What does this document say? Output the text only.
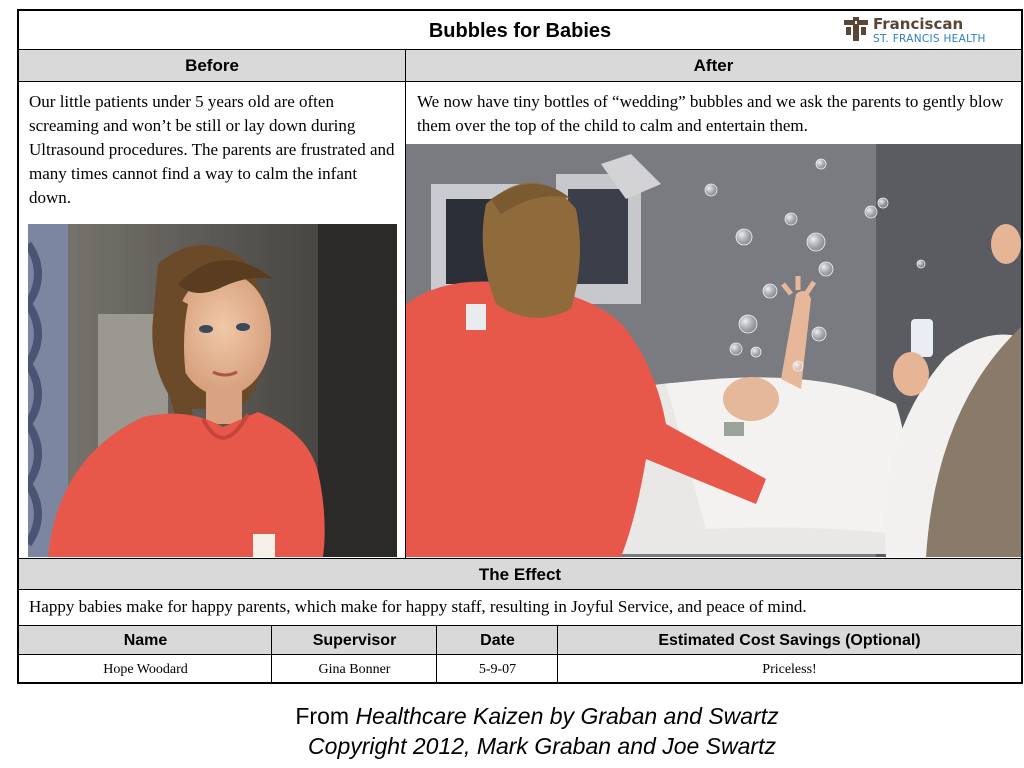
Bubbles for Babies	Franciscan
ST. FRANCIS HEALTH
Before	After
Our little patients under 5 years old are often screaming and won’t be still or lay down during Ultrasound procedures. The parents are frustrated and many times cannot find a way to calm the infant down.
We now have tiny bottles of “wedding” bubbles and we ask the parents to gently blow them over the top of the child to calm and entertain them.
The Effect
Happy babies make for happy parents, which make for happy staff, resulting in Joyful Service, and peace of mind.
Name	Supervisor	Date	Estimated Cost Savings (Optional)
Hope Woodard	Gina Bonner	5-9-07	Priceless!
From Healthcare Kaizen by Graban and Swartz
Copyright 2012, Mark Graban and Joe Swartz
